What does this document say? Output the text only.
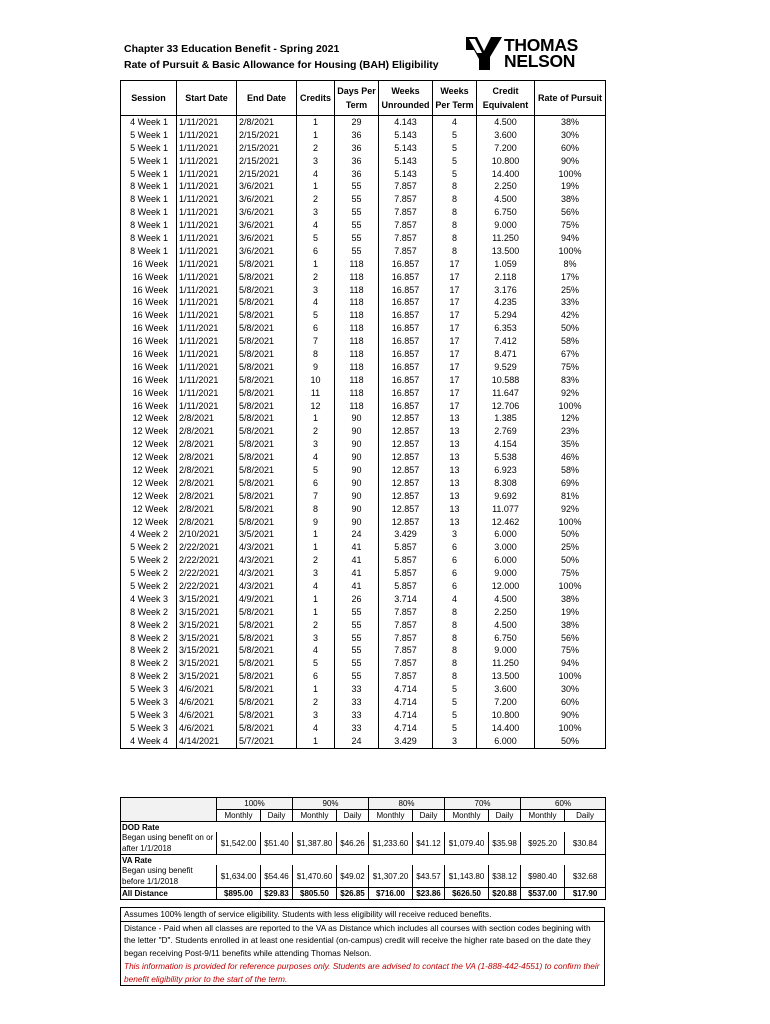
Chapter 33 Education Benefit - Spring 2021
Rate of Pursuit & Basic Allowance for Housing (BAH) Eligibility
THOMAS
NELSON
Session	Start Date	End Date	Credits	Days Per Term	Weeks Unrounded	Weeks Per Term	Credit Equivalent	Rate of Pursuit
4 Week 1	1/11/2021	2/8/2021	1	29	4.143	4	4.500	38%
5 Week 1	1/11/2021	2/15/2021	1	36	5.143	5	3.600	30%
5 Week 1	1/11/2021	2/15/2021	2	36	5.143	5	7.200	60%
5 Week 1	1/11/2021	2/15/2021	3	36	5.143	5	10.800	90%
5 Week 1	1/11/2021	2/15/2021	4	36	5.143	5	14.400	100%
8 Week 1	1/11/2021	3/6/2021	1	55	7.857	8	2.250	19%
8 Week 1	1/11/2021	3/6/2021	2	55	7.857	8	4.500	38%
8 Week 1	1/11/2021	3/6/2021	3	55	7.857	8	6.750	56%
8 Week 1	1/11/2021	3/6/2021	4	55	7.857	8	9.000	75%
8 Week 1	1/11/2021	3/6/2021	5	55	7.857	8	11.250	94%
8 Week 1	1/11/2021	3/6/2021	6	55	7.857	8	13.500	100%
16 Week	1/11/2021	5/8/2021	1	118	16.857	17	1.059	8%
16 Week	1/11/2021	5/8/2021	2	118	16.857	17	2.118	17%
16 Week	1/11/2021	5/8/2021	3	118	16.857	17	3.176	25%
16 Week	1/11/2021	5/8/2021	4	118	16.857	17	4.235	33%
16 Week	1/11/2021	5/8/2021	5	118	16.857	17	5.294	42%
16 Week	1/11/2021	5/8/2021	6	118	16.857	17	6.353	50%
16 Week	1/11/2021	5/8/2021	7	118	16.857	17	7.412	58%
16 Week	1/11/2021	5/8/2021	8	118	16.857	17	8.471	67%
16 Week	1/11/2021	5/8/2021	9	118	16.857	17	9.529	75%
16 Week	1/11/2021	5/8/2021	10	118	16.857	17	10.588	83%
16 Week	1/11/2021	5/8/2021	11	118	16.857	17	11.647	92%
16 Week	1/11/2021	5/8/2021	12	118	16.857	17	12.706	100%
12 Week	2/8/2021	5/8/2021	1	90	12.857	13	1.385	12%
12 Week	2/8/2021	5/8/2021	2	90	12.857	13	2.769	23%
12 Week	2/8/2021	5/8/2021	3	90	12.857	13	4.154	35%
12 Week	2/8/2021	5/8/2021	4	90	12.857	13	5.538	46%
12 Week	2/8/2021	5/8/2021	5	90	12.857	13	6.923	58%
12 Week	2/8/2021	5/8/2021	6	90	12.857	13	8.308	69%
12 Week	2/8/2021	5/8/2021	7	90	12.857	13	9.692	81%
12 Week	2/8/2021	5/8/2021	8	90	12.857	13	11.077	92%
12 Week	2/8/2021	5/8/2021	9	90	12.857	13	12.462	100%
4 Week 2	2/10/2021	3/5/2021	1	24	3.429	3	6.000	50%
5 Week 2	2/22/2021	4/3/2021	1	41	5.857	6	3.000	25%
5 Week 2	2/22/2021	4/3/2021	2	41	5.857	6	6.000	50%
5 Week 2	2/22/2021	4/3/2021	3	41	5.857	6	9.000	75%
5 Week 2	2/22/2021	4/3/2021	4	41	5.857	6	12.000	100%
4 Week 3	3/15/2021	4/9/2021	1	26	3.714	4	4.500	38%
8 Week 2	3/15/2021	5/8/2021	1	55	7.857	8	2.250	19%
8 Week 2	3/15/2021	5/8/2021	2	55	7.857	8	4.500	38%
8 Week 2	3/15/2021	5/8/2021	3	55	7.857	8	6.750	56%
8 Week 2	3/15/2021	5/8/2021	4	55	7.857	8	9.000	75%
8 Week 2	3/15/2021	5/8/2021	5	55	7.857	8	11.250	94%
8 Week 2	3/15/2021	5/8/2021	6	55	7.857	8	13.500	100%
5 Week 3	4/6/2021	5/8/2021	1	33	4.714	5	3.600	30%
5 Week 3	4/6/2021	5/8/2021	2	33	4.714	5	7.200	60%
5 Week 3	4/6/2021	5/8/2021	3	33	4.714	5	10.800	90%
5 Week 3	4/6/2021	5/8/2021	4	33	4.714	5	14.400	100%
4 Week 4	4/14/2021	5/7/2021	1	24	3.429	3	6.000	50%
	100%		90%		80%		70%		60%	
	Monthly	Daily	Monthly	Daily	Monthly	Daily	Monthly	Daily	Monthly	Daily
DOD Rate										
Began using benefit on or after 1/1/2018	$1,542.00	$51.40	$1,387.80	$46.26	$1,233.60	$41.12	$1,079.40	$35.98	$925.20	$30.84
VA Rate										
Began using benefit before 1/1/2018	$1,634.00	$54.46	$1,470.60	$49.02	$1,307.20	$43.57	$1,143.80	$38.12	$980.40	$32.68
All Distance	$895.00	$29.83	$805.50	$26.85	$716.00	$23.86	$626.50	$20.88	$537.00	$17.90
Assumes 100% length of service eligibility. Students with less eligibility will receive reduced benefits.
Distance - Paid when all classes are reported to the VA as Distance which includes all courses with section codes begining with the letter "D". Students enrolled in at least one residential (on-campus) credit will receive the higher rate based on the date they began receiving Post-9/11 benefits while attending Thomas Nelson.
This information is provided for reference purposes only. Students are advised to contact the VA (1-888-442-4551) to confirm their benefit eligibility prior to the start of the term.
